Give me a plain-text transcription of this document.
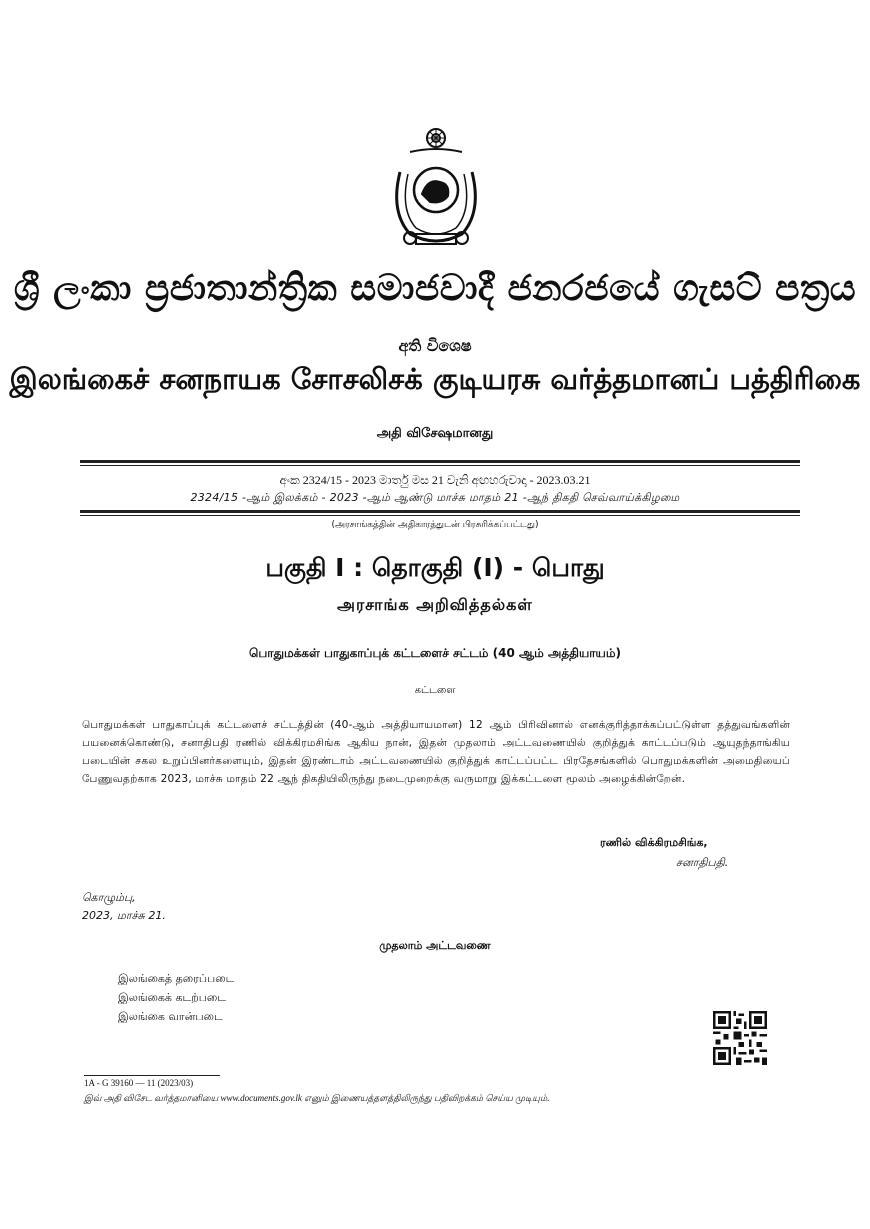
ශ්‍රී ලංකා ප්‍රජාතාන්ත්‍රික සමාජවාදී ජනරජයේ ගැසට් පත්‍රය
අති විශෙෂ
இலங்கைச் சனநாயக சோசலிசக் குடியரசு வர்த்தமானப் பத்திரிகை
அதி விசேஷமானது
අංක 2324/15 - 2023 මාර්තු මස 21 වැනි අඟහරුවාදා - 2023.03.21
2324/15 -ஆம் இலக்கம் - 2023 -ஆம் ஆண்டு மாச்சு மாதம் 21 -ஆந் திகதி செவ்வாய்க்கிழமை
(அரசாங்கத்தின் அதிகாரத்துடன் பிரசுரிக்கப்பட்டது)
பகுதி I : தொகுதி (I) - பொது
அரசாங்க அறிவித்தல்கள்
பொதுமக்கள் பாதுகாப்புக் கட்டளைச் சட்டம் (40 ஆம் அத்தியாயம்)
கட்டளை
பொதுமக்கள் பாதுகாப்புக் கட்டளைச் சட்டத்தின் (40-ஆம் அத்தியாயமான) 12 ஆம் பிரிவினால் எனக்குரித்தாக்கப்பட்டுள்ள தத்துவங்களின் பயனைக்கொண்டு, சனாதிபதி ரணில் விக்கிரமசிங்க ஆகிய நான், இதன் முதலாம் அட்டவணையில் குறித்துக் காட்டப்படும் ஆயுதந்தாங்கிய படையின் சகல உறுப்பினர்களையும், இதன் இரண்டாம் அட்டவணையில் குறித்துக் காட்டப்பட்ட பிரதேசங்களில் பொதுமக்களின் அமைதியைப் பேணுவதற்காக 2023, மாச்சு மாதம் 22 ஆந் திகதியிலிருந்து நடைமுறைக்கு வருமாறு இக்கட்டளை மூலம் அழைக்கின்றேன்.
ரணில் விக்கிரமசிங்க,
சனாதிபதி.
கொழும்பு,
2023, மாச்சு 21.
முதலாம் அட்டவணை
இலங்கைத் தரைப்படை
இலங்கைக் கடற்படை
இலங்கை வான்படை
1A - G 39160 — 11 (2023/03)
இவ் அதி விசேட வர்த்தமானியை www.documents.gov.lk எனும் இணையத்தளத்திலிருந்து பதிவிறக்கம் செய்ய முடியும்.
